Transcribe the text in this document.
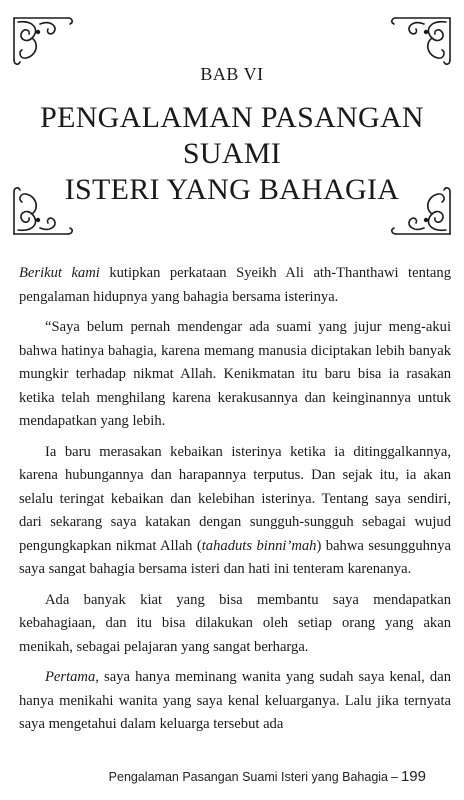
BAB VI
PENGALAMAN PASANGAN SUAMI
ISTERI YANG BAHAGIA

Berikut kami kutipkan perkataan Syeikh Ali ath-Thanthawi tentang pengalaman hidupnya yang bahagia bersama isterinya.

“Saya belum pernah mendengar ada suami yang jujur meng-akui bahwa hatinya bahagia, karena memang manusia diciptakan lebih banyak mungkir terhadap nikmat Allah. Kenikmatan itu baru bisa ia rasakan ketika telah menghilang karena kerakusannya dan keinginannya untuk mendapatkan yang lebih.

Ia baru merasakan kebaikan isterinya ketika ia ditinggalkannya, karena hubungannya dan harapannya terputus. Dan sejak itu, ia akan selalu teringat kebaikan dan kelebihan isterinya. Tentang saya sendiri, dari sekarang saya katakan dengan sungguh-sungguh sebagai wujud pengungkapkan nikmat Allah (tahaduts binni’mah) bahwa sesungguhnya saya sangat bahagia bersama isteri dan hati ini tenteram karenanya.

Ada banyak kiat yang bisa membantu saya mendapatkan kebahagiaan, dan itu bisa dilakukan oleh setiap orang yang akan menikah, sebagai pelajaran yang sangat berharga.

Pertama, saya hanya meminang wanita yang sudah saya kenal, dan hanya menikahi wanita yang saya kenal keluarganya. Lalu jika ternyata saya mengetahui dalam keluarga tersebut ada

Pengalaman Pasangan Suami Isteri yang Bahagia – 199
